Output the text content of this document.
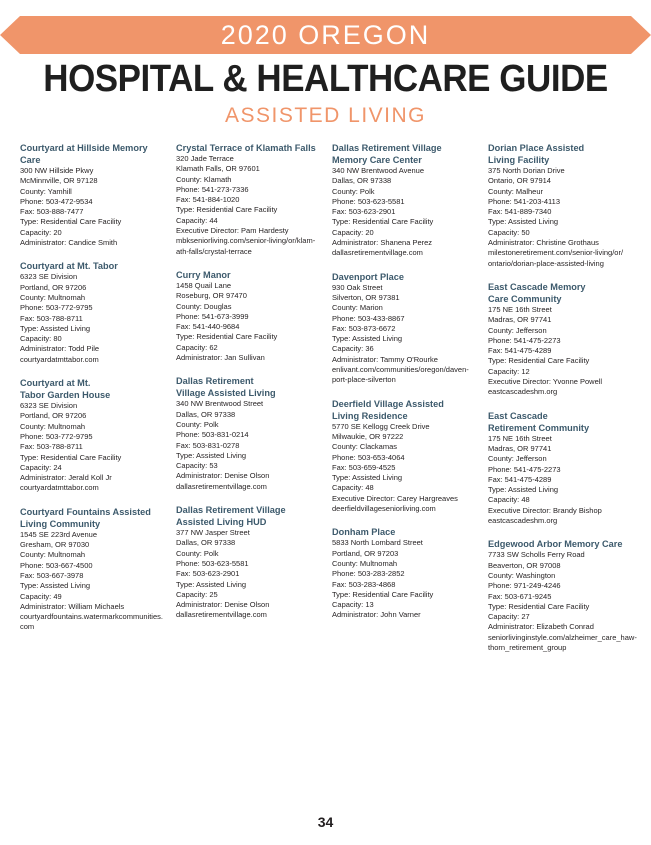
2020 OREGON
HOSPITAL & HEALTHCARE GUIDE
ASSISTED LIVING
Courtyard at Hillside Memory Care
300 NW Hillside Pkwy
McMinnville, OR 97128
County: Yamhill
Phone: 503-472-9534
Fax: 503-888-7477
Type: Residential Care Facility
Capacity: 20
Administrator: Candice Smith
Courtyard at Mt. Tabor
6323 SE Division
Portland, OR 97206
County: Multnomah
Phone: 503-772-9795
Fax: 503-788-8711
Type: Assisted Living
Capacity: 80
Administrator: Todd Pile
courtyardatmttabor.com
Courtyard at Mt.
Tabor Garden House
6323 SE Division
Portland, OR 97206
County: Multnomah
Phone: 503-772-9795
Fax: 503-788-8711
Type: Residential Care Facility
Capacity: 24
Administrator: Jerald Koll Jr
courtyardatmttabor.com
Courtyard Fountains Assisted
Living Community
1545 SE 223rd Avenue
Gresham, OR 97030
County: Multnomah
Phone: 503-667-4500
Fax: 503-667-3978
Type: Assisted Living
Capacity: 49
Administrator: William Michaels
courtyardfountains.watermarkcommunities.
com
Crystal Terrace of Klamath Falls
320 Jade Terrace
Klamath Falls, OR 97601
County: Klamath
Phone: 541-273-7336
Fax: 541-884-1020
Type: Residential Care Facility
Capacity: 44
Executive Director: Pam Hardesty
mbkseniorliving.com/senior-living/or/klam-
ath-falls/crystal-terrace
Curry Manor
1458 Quail Lane
Roseburg, OR 97470
County: Douglas
Phone: 541-673-3999
Fax: 541-440-9684
Type: Residential Care Facility
Capacity: 62
Administrator: Jan Sullivan
Dallas Retirement
Village Assisted Living
340 NW Brentwood Street
Dallas, OR 97338
County: Polk
Phone: 503-831-0214
Fax: 503-831-0278
Type: Assisted Living
Capacity: 53
Administrator: Denise Olson
dallasretirementvillage.com
Dallas Retirement Village
Assisted Living HUD
377 NW Jasper Street
Dallas, OR 97338
County: Polk
Phone: 503-623-5581
Fax: 503-623-2901
Type: Assisted Living
Capacity: 25
Administrator: Denise Olson
dallasretirementvillage.com
Dallas Retirement Village
Memory Care Center
340 NW Brentwood Avenue
Dallas, OR 97338
County: Polk
Phone: 503-623-5581
Fax: 503-623-2901
Type: Residential Care Facility
Capacity: 20
Administrator: Shanena Perez
dallasretirementvillage.com
Davenport Place
930 Oak Street
Silverton, OR 97381
County: Marion
Phone: 503-433-8867
Fax: 503-873-6672
Type: Assisted Living
Capacity: 36
Administrator: Tammy O'Rourke
enlivant.com/communities/oregon/daven-
port-place-silverton
Deerfield Village Assisted
Living Residence
5770 SE Kellogg Creek Drive
Milwaukie, OR 97222
County: Clackamas
Phone: 503-653-4064
Fax: 503-659-4525
Type: Assisted Living
Capacity: 48
Executive Director: Carey Hargreaves
deerfieldvillageseniorliving.com
Donham Place
5833 North Lombard Street
Portland, OR 97203
County: Multnomah
Phone: 503-283-2852
Fax: 503-283-4868
Type: Residential Care Facility
Capacity: 13
Administrator: John Varner
Dorian Place Assisted
Living Facility
375 North Dorian Drive
Ontario, OR 97914
County: Malheur
Phone: 541-203-4113
Fax: 541-889-7340
Type: Assisted Living
Capacity: 50
Administrator: Christine Grothaus
milestoneretirement.com/senior-living/or/
ontario/dorian-place-assisted-living
East Cascade Memory
Care Community
175 NE 16th Street
Madras, OR 97741
County: Jefferson
Phone: 541-475-2273
Fax: 541-475-4289
Type: Residential Care Facility
Capacity: 12
Executive Director: Yvonne Powell
eastcascadeshm.org
East Cascade
Retirement Community
175 NE 16th Street
Madras, OR 97741
County: Jefferson
Phone: 541-475-2273
Fax: 541-475-4289
Type: Assisted Living
Capacity: 48
Executive Director: Brandy Bishop
eastcascadeshm.org
Edgewood Arbor Memory Care
7733 SW Scholls Ferry Road
Beaverton, OR 97008
County: Washington
Phone: 971-249-4246
Fax: 503-671-9245
Type: Residential Care Facility
Capacity: 27
Administrator: Elizabeth Conrad
seniorlivinginstyle.com/alzheimer_care_haw-
thorn_retirement_group
34
